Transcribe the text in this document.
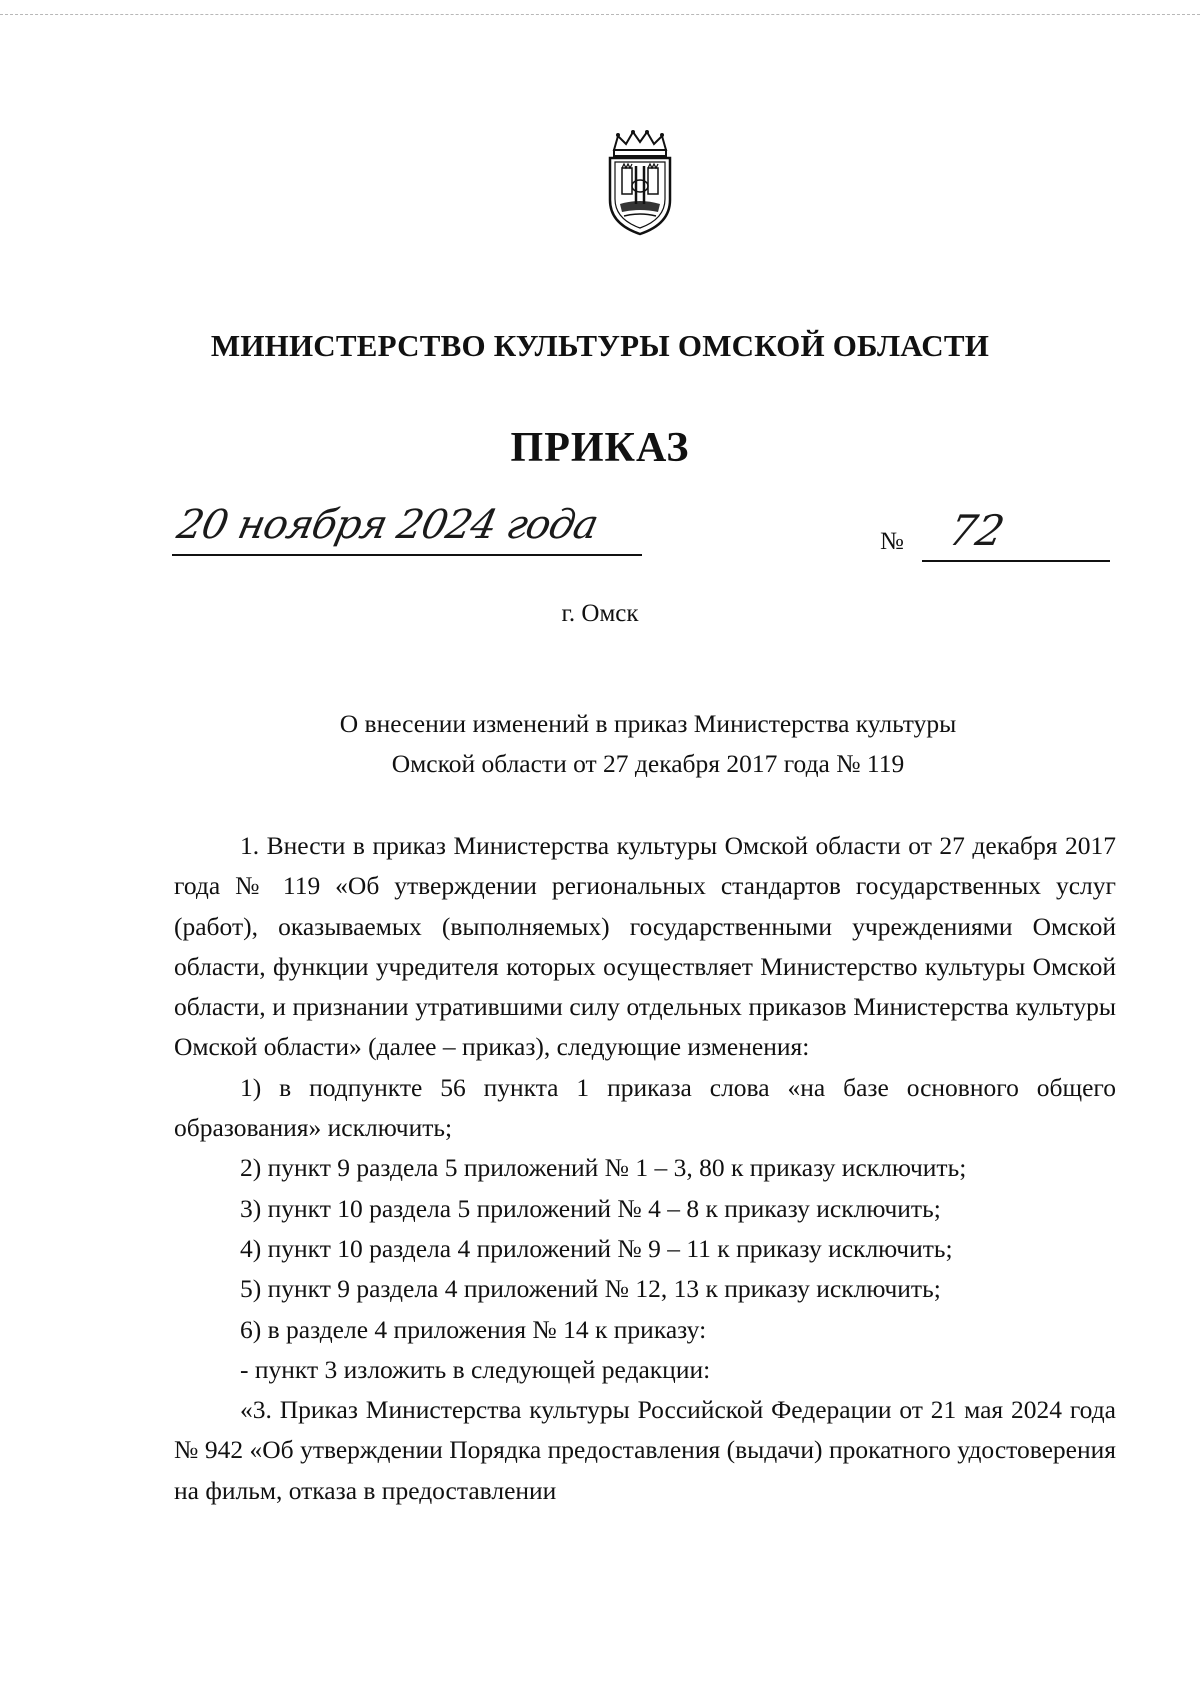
МИНИСТЕРСТВО КУЛЬТУРЫ ОМСКОЙ ОБЛАСТИ
ПРИКАЗ
20 ноября 2024 года	№ 72
г. Омск
О внесении изменений в приказ Министерства культуры
Омской области от 27 декабря 2017 года № 119

1. Внести в приказ Министерства культуры Омской области от 27 декабря 2017 года № 119 «Об утверждении региональных стандартов государственных услуг (работ), оказываемых (выполняемых) государственными учреждениями Омской области, функции учредителя которых осуществляет Министерство культуры Омской области, и признании утратившими силу отдельных приказов Министерства культуры Омской области» (далее – приказ), следующие изменения:

1) в подпункте 56 пункта 1 приказа слова «на базе основного общего образования» исключить;

2) пункт 9 раздела 5 приложений № 1 – 3, 80 к приказу исключить;

3) пункт 10 раздела 5 приложений № 4 – 8 к приказу исключить;

4) пункт 10 раздела 4 приложений № 9 – 11 к приказу исключить;

5) пункт 9 раздела 4 приложений № 12, 13 к приказу исключить;

6) в разделе 4 приложения № 14 к приказу:

- пункт 3 изложить в следующей редакции:

«3. Приказ Министерства культуры Российской Федерации от 21 мая 2024 года № 942 «Об утверждении Порядка предоставления (выдачи) прокатного удостоверения на фильм, отказа в предоставлении
